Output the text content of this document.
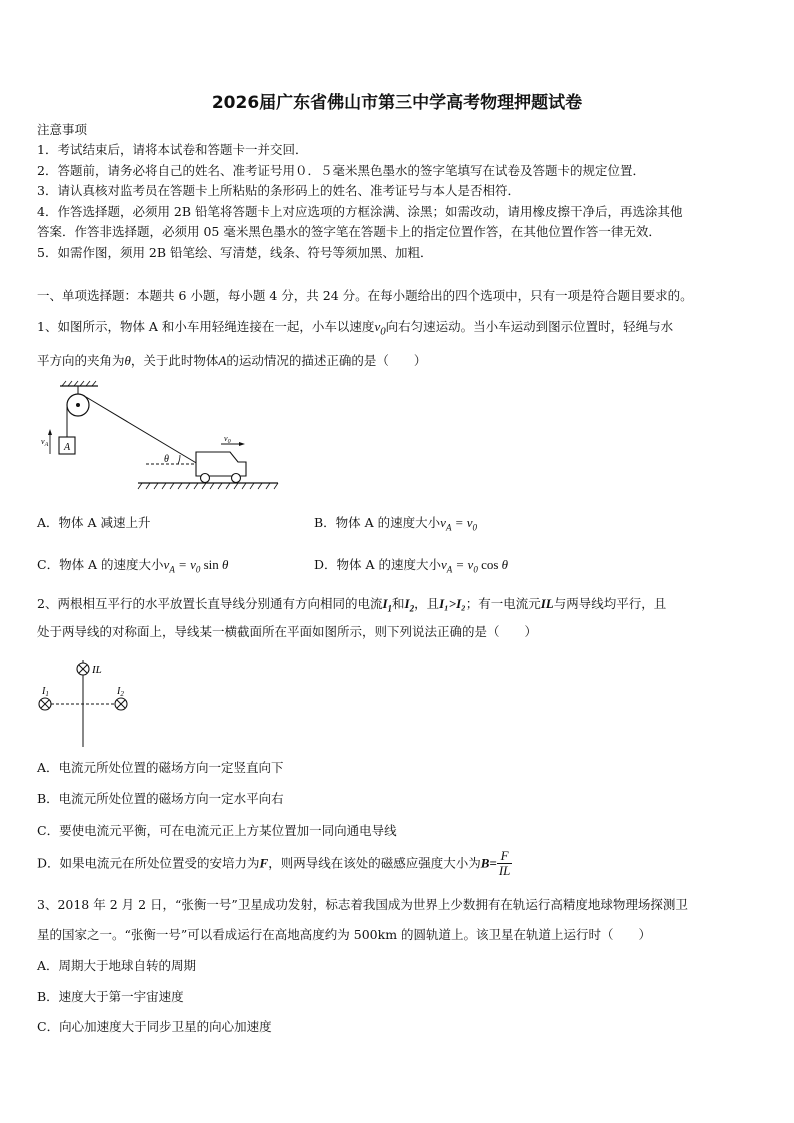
2026届广东省佛山市第三中学高考物理押题试卷
注意事项
1．考试结束后，请将本试卷和答题卡一并交回．
2．答题前，请务必将自己的姓名、准考证号用０．５毫米黑色墨水的签字笔填写在试卷及答题卡的规定位置．
3．请认真核对监考员在答题卡上所粘贴的条形码上的姓名、准考证号与本人是否相符．
4．作答选择题，必须用 2B 铅笔将答题卡上对应选项的方框涂满、涂黑；如需改动，请用橡皮擦干净后，再选涂其他
答案．作答非选择题，必须用 05 毫米黑色墨水的签字笔在答题卡上的指定位置作答，在其他位置作答一律无效．
5．如需作图，须用 2B 铅笔绘、写清楚，线条、符号等须加黑、加粗．
一、单项选择题：本题共 6 小题，每小题 4 分，共 24 分。在每小题给出的四个选项中，只有一项是符合题目要求的。
1、如图所示，物体 A 和小车用轻绳连接在一起，小车以速度$v_0$向右匀速运动。当小车运动到图示位置时，轻绳与水
平方向的夹角为θ，关于此时物体A的运动情况的描述正确的是（　　）
A
$v_A$
θ
$v_0$
A．物体 A 减速上升	B．物体 A 的速度大小$v_A = v_0$
C．物体 A 的速度大小$v_A = v_0$ sin θ	D．物体 A 的速度大小$v_A = v_0$ cos θ
2、两根相互平行的水平放置长直导线分别通有方向相同的电流$I_1$和$I_2$，且I₁>I₂；有一电流元IL与两导线均平行，且
处于两导线的对称面上，导线某一横截面所在平面如图所示，则下列说法正确的是（　　）
IL
$I_1$	$I_2$
A．电流元所处位置的磁场方向一定竖直向下
B．电流元所处位置的磁场方向一定水平向右
C．要使电流元平衡，可在电流元正上方某位置加一同向通电导线
D．如果电流元在所处位置受的安培力为F，则两导线在该处的磁感应强度大小为$B= \frac{F}{IL}$
3、2018 年 2 月 2 日，“张衡一号”卫星成功发射，标志着我国成为世界上少数拥有在轨运行高精度地球物理场探测卫
星的国家之一。“张衡一号”可以看成运行在高地高度约为 500km 的圆轨道上。该卫星在轨道上运行时（　　）
A．周期大于地球自转的周期
B．速度大于第一宇宙速度
C．向心加速度大于同步卫星的向心加速度
